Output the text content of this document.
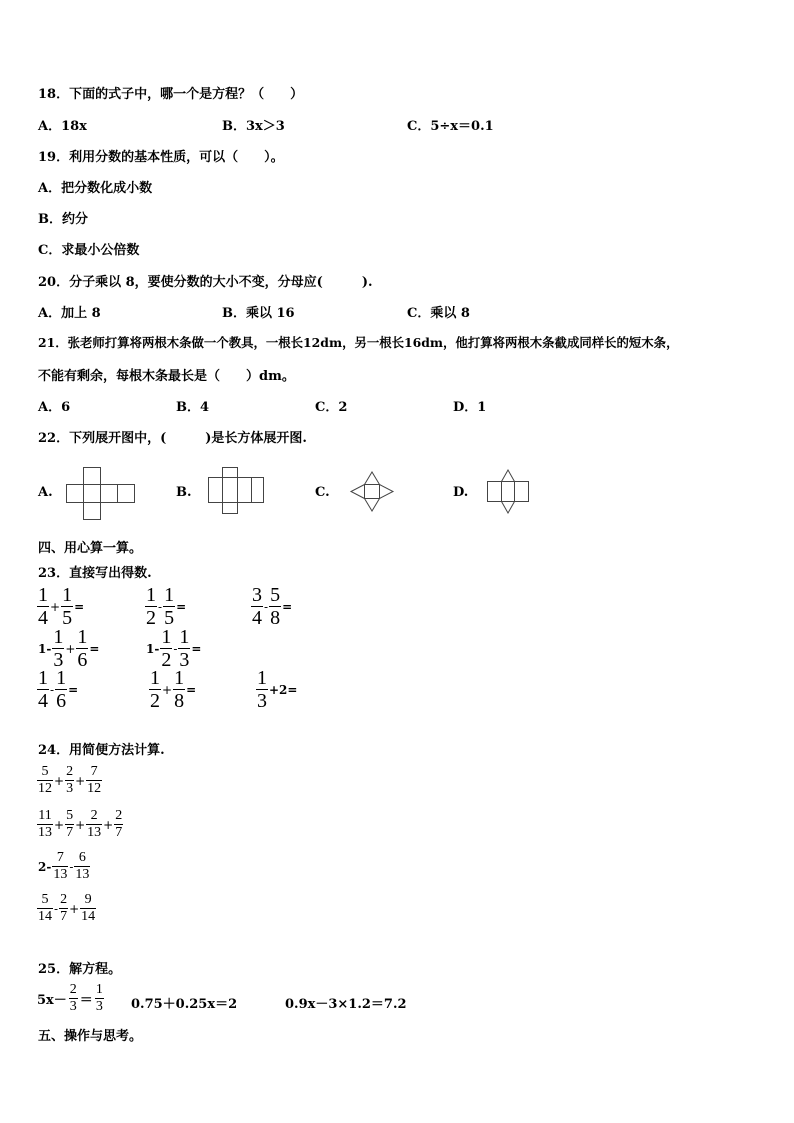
18．下面的式子中，哪一个是方程？（　　）
A．18x	B．3x＞3	C．5÷x＝0.1
19．利用分数的基本性质，可以（　　）。
A．把分数化成小数
B．约分
C．求最小公倍数
20．分子乘以 8，要使分数的大小不变，分母应(　　　).
A．加上 8	B．乘以 16	C．乘以 8
21．张老师打算将两根木条做一个教具，一根长12dm，另一根长16dm，他打算将两根木条截成同样长的短木条，
不能有剩余，每根木条最长是（　　）dm。
A．6	B．4	C．2	D．1
22．下列展开图中，(　　　)是长方体展开图.
A.	B.	C.	D.
四、用心算一算。
23．直接写出得数.
$\frac{1}{4} + \frac{1}{5}$ =	$\frac{1}{2} - \frac{1}{5}$ =	$\frac{3}{4} - \frac{5}{8}$ =
$1- \frac{1}{3} + \frac{1}{6}$ =	$1- \frac{1}{2} - \frac{1}{3}$ =
$\frac{1}{4} - \frac{1}{6}$ =	$\frac{1}{2} + \frac{1}{8}$ =	$\frac{1}{3} +2=$
24．用简便方法计算.
$\frac{5}{12} + \frac{2}{3} + \frac{7}{12}$
$\frac{11}{13} + \frac{5}{7} + \frac{2}{13} + \frac{2}{7}$
$2- \frac{7}{13} - \frac{6}{13}$
$\frac{5}{14} - \frac{2}{7} + \frac{9}{14}$
25．解方程。
$5x- \frac{2}{3} = \frac{1}{3} 0.75+0.25x=2$	0.9x－3×1.2＝7.2
五、操作与思考。
